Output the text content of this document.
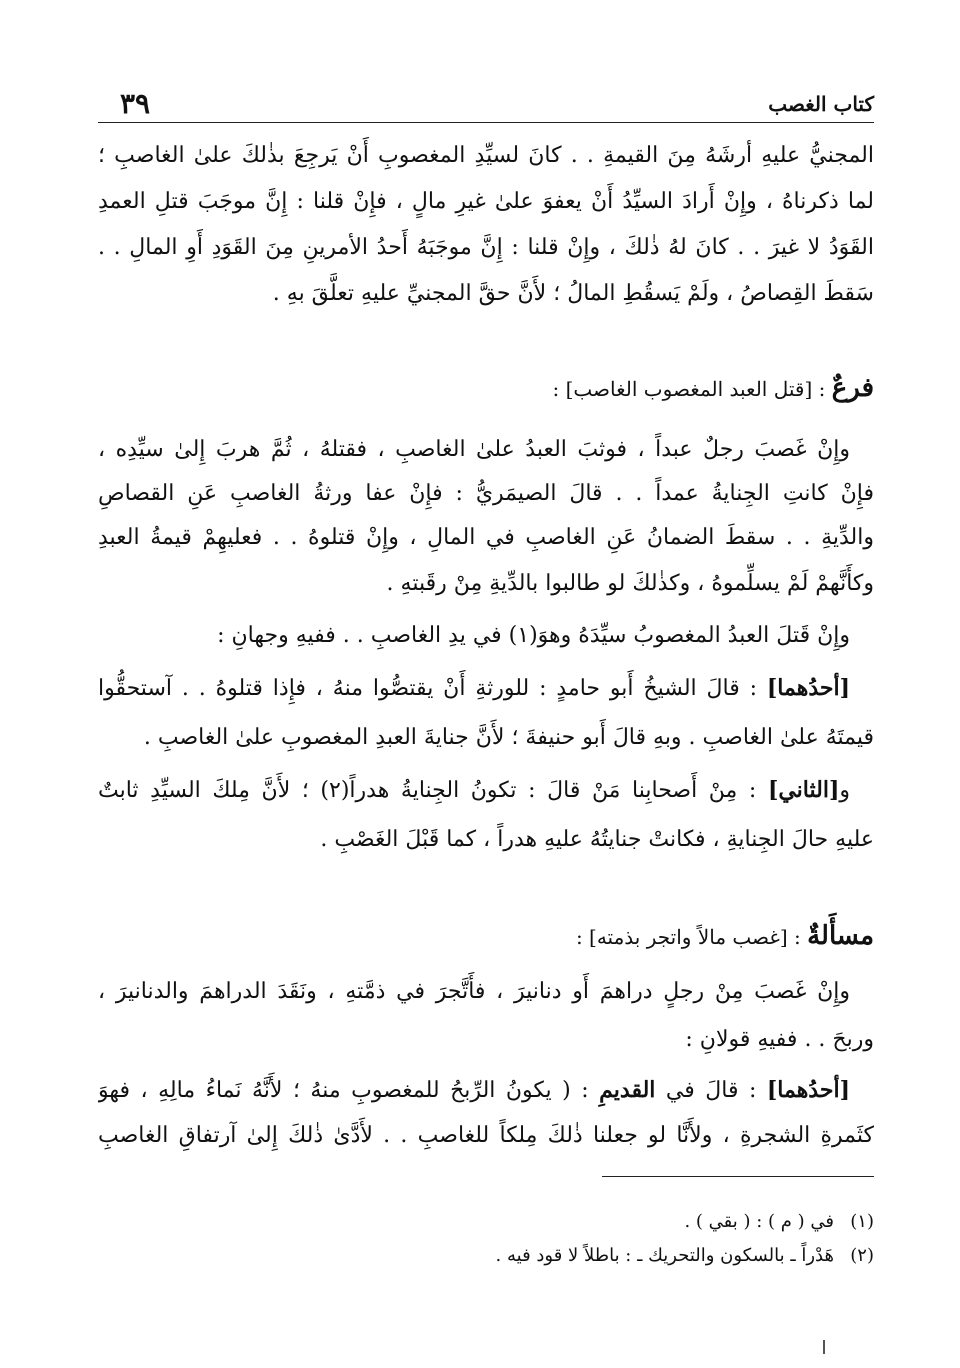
كتاب الغصب
٣٩
المجنيُّ عليهِ أرشَهُ مِنَ القيمةِ . . كانَ لسيِّدِ المغصوبِ أَنْ يَرجِعَ بذٰلكَ علىٰ الغاصبِ ؛
لما ذكرناهُ ، وإِنْ أَرادَ السيِّدُ أَنْ يعفوَ علىٰ غيرِ مالٍ ، فإِنْ قلنا : إِنَّ موجَبَ قتلِ العمدِ
القَوَدُ لا غيرَ . . كانَ لهُ ذٰلكَ ، وإِنْ قلنا : إِنَّ موجَبَهُ أَحدُ الأمرينِ مِنَ القَوَدِ أَوِ المالِ . .
سَقطَ القِصاصُ ، ولَمْ يَسقُطِ المالُ ؛ لأَنَّ حقَّ المجنيِّ عليهِ تعلَّقَ بهِ .
فرعٌ : [قتل العبد المغصوب الغاصب] :
وإِنْ غَصبَ رجلٌ عبداً ، فوثبَ العبدُ علىٰ الغاصبِ ، فقتلهُ ، ثُمَّ هربَ إِلىٰ سيِّدِه ،
فإِنْ كانتِ الجِنايةُ عمداً . . قالَ الصيمَريُّ : فإِنْ عفا ورثةُ الغاصبِ عَنِ القصاصِ
والدِّيةِ . . سقطَ الضمانُ عَنِ الغاصبِ في المالِ ، وإِنْ قتلوهُ . . فعليهِمْ قيمةُ العبدِ
وكأَنَّهمْ لَمْ يسلِّموهُ ، وكذٰلكَ لو طالبوا بالدِّيةِ مِنْ رقَبتهِ .
وإِنْ قَتلَ العبدُ المغصوبُ سيِّدَهُ وهوَ(١) في يدِ الغاصبِ . . ففيهِ وجهانِ :
[أحدُهما] : قالَ الشيخُ أَبو حامدٍ : للورثةِ أَنْ يقتصُّوا منهُ ، فإِذا قتلوهُ . . آستحقُّوا
قيمتَهُ علىٰ الغاصبِ . وبهِ قالَ أَبو حنيفةَ ؛ لأَنَّ جنايةَ العبدِ المغصوبِ علىٰ الغاصبِ .
و[الثاني] : مِنْ أَصحابِنا مَنْ قالَ : تكونُ الجِنايةُ هدراً(٢) ؛ لأَنَّ مِلكَ السيِّدِ ثابتٌ
عليهِ حالَ الجِنايةِ ، فكانتْ جنايتُهُ عليهِ هدراً ، كما قَبْلَ الغَصْبِ .
مسأَلةٌ : [غصب مالاً واتجر بذمته] :
وإِنْ غَصبَ مِنْ رجلٍ دراهمَ أَو دنانيرَ ، فأَتَّجرَ في ذمَّتهِ ، ونَقَدَ الدراهمَ والدنانيرَ ،
وربحَ . . ففيهِ قولانِ :
[أحدُهما] : قالَ في القديمِ : ( يكونُ الرِّبحُ للمغصوبِ منهُ ؛ لأَنَّهُ نَماءُ مالِهِ ، فهوَ
كثَمرةِ الشجرةِ ، ولأَنَّا لو جعلنا ذٰلكَ مِلكاً للغاصبِ . . لأَدَّىٰ ذٰلكَ إِلىٰ آرتفاقِ الغاصبِ
(١)في ( م ) : ( بقي ) .
(٢)هَدْراً ـ بالسكون والتحريك ـ : باطلاً لا قود فيه .
